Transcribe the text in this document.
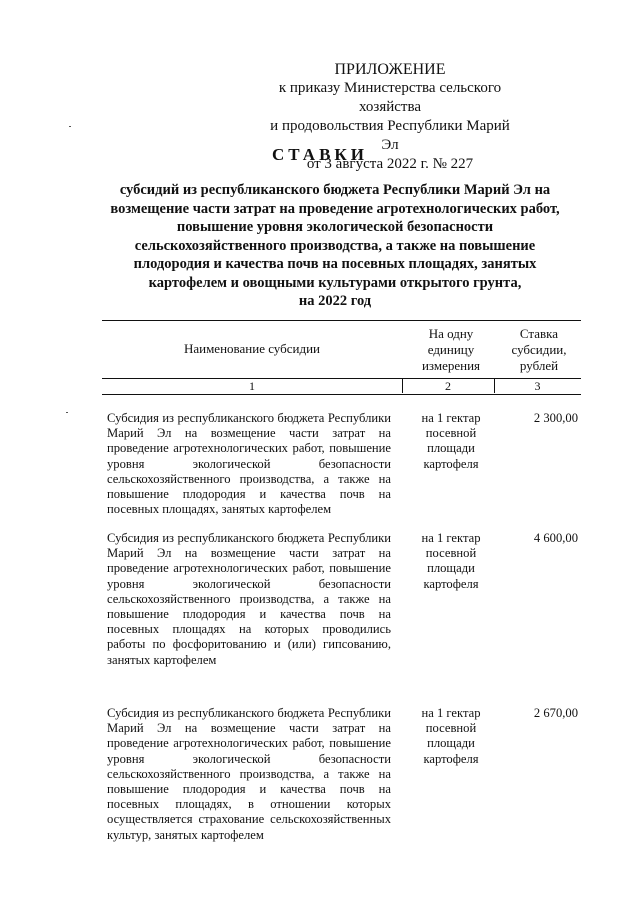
ПРИЛОЖЕНИЕ
к приказу Министерства сельского хозяйства
и продовольствия Республики Марий Эл
от 3 августа 2022 г. № 227
СТАВКИ
субсидий из республиканского бюджета Республики Марий Эл на
возмещение части затрат на проведение агротехнологических работ,
повышение уровня экологической безопасности
сельскохозяйственного производства, а также на повышение
плодородия и качества почв на посевных площадях, занятых
картофелем и овощными культурами открытого грунта,
на 2022 год
Наименование субсидии
На одну единицу измерения
Ставка субсидии, рублей
1	2	3
Субсидия из республиканского бюджета Республики Марий Эл на возмещение части затрат на проведение агротехнологических работ, повышение уровня экологической безопасности сельскохозяйственного производства, а также на повышение плодородия и качества почв на посевных площадях, занятых картофелем
на 1 гектар посевной площади картофеля
2 300,00
Субсидия из республиканского бюджета Республики Марий Эл на возмещение части затрат на проведение агротехнологических работ, повышение уровня экологической безопасности сельскохозяйственного производства, а также на повышение плодородия и качества почв на посевных площадях на которых проводились работы по фосфоритованию и (или) гипсованию, занятых картофелем
на 1 гектар посевной площади картофеля
4 600,00
Субсидия из республиканского бюджета Республики Марий Эл на возмещение части затрат на проведение агротехнологических работ, повышение уровня экологической безопасности сельскохозяйственного производства, а также на повышение плодородия и качества почв на посевных площадях, в отношении которых осуществляется страхование сельскохозяйственных культур, занятых картофелем
на 1 гектар посевной площади картофеля
2 670,00
